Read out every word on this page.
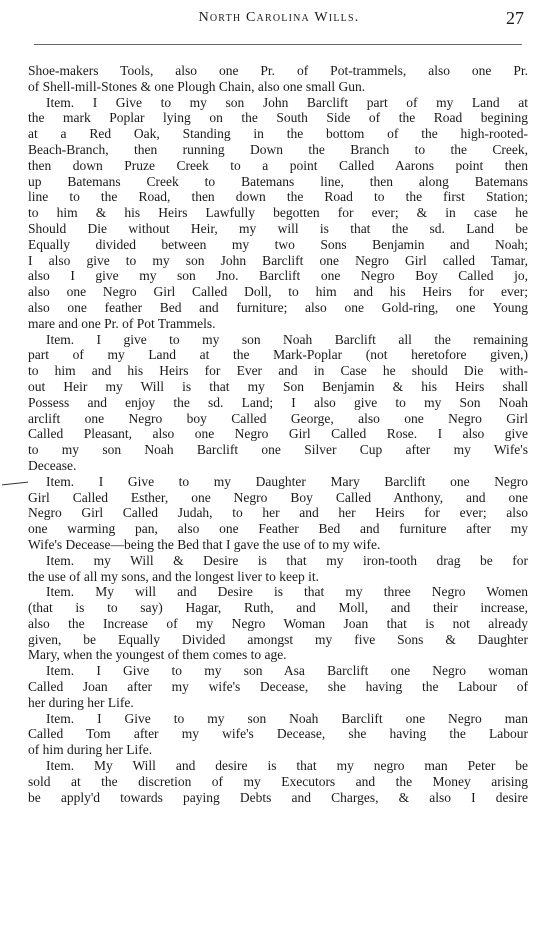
North Carolina Wills.	27
Shoe-makers Tools, also one Pr. of Pot-trammels, also one Pr.
of Shell-mill-Stones & one Plough Chain, also one small Gun.
Item. I Give to my son John Barclift part of my Land at
the mark Poplar lying on the South Side of the Road begining
at a Red Oak, Standing in the bottom of the high-rooted-
Beach-Branch, then running Down the Branch to the Creek,
then down Pruze Creek to a point Called Aarons point then
up Batemans Creek to Batemans line, then along Batemans
line to the Road, then down the Road to the first Station;
to him & his Heirs Lawfully begotten for ever; & in case he
Should Die without Heir, my will is that the sd. Land be
Equally divided between my two Sons Benjamin and Noah;
I also give to my son John Barclift one Negro Girl called Tamar,
also I give my son Jno. Barclift one Negro Boy Called jo,
also one Negro Girl Called Doll, to him and his Heirs for ever;
also one feather Bed and furniture; also one Gold-ring, one Young
mare and one Pr. of Pot Trammels.
Item. I give to my son Noah Barclift all the remaining
part of my Land at the Mark-Poplar (not heretofore given,)
to him and his Heirs for Ever and in Case he should Die with-
out Heir my Will is that my Son Benjamin & his Heirs shall
Possess and enjoy the sd. Land; I also give to my Son Noah
arclift one Negro boy Called George, also one Negro Girl
Called Pleasant, also one Negro Girl Called Rose. I also give
to my son Noah Barclift one Silver Cup after my Wife's
Decease.
Item. I Give to my Daughter Mary Barclift one Negro
Girl Called Esther, one Negro Boy Called Anthony, and one
Negro Girl Called Judah, to her and her Heirs for ever; also
one warming pan, also one Feather Bed and furniture after my
Wife's Decease—being the Bed that I gave the use of to my wife.
Item. my Will & Desire is that my iron-tooth drag be for
the use of all my sons, and the longest liver to keep it.
Item. My will and Desire is that my three Negro Women
(that is to say) Hagar, Ruth, and Moll, and their increase,
also the Increase of my Negro Woman Joan that is not already
given, be Equally Divided amongst my five Sons & Daughter
Mary, when the youngest of them comes to age.
Item. I Give to my son Asa Barclift one Negro woman
Called Joan after my wife's Decease, she having the Labour of
her during her Life.
Item. I Give to my son Noah Barclift one Negro man
Called Tom after my wife's Decease, she having the Labour
of him during her Life.
Item. My Will and desire is that my negro man Peter be
sold at the discretion of my Executors and the Money arising
be apply'd towards paying Debts and Charges, & also I desire
